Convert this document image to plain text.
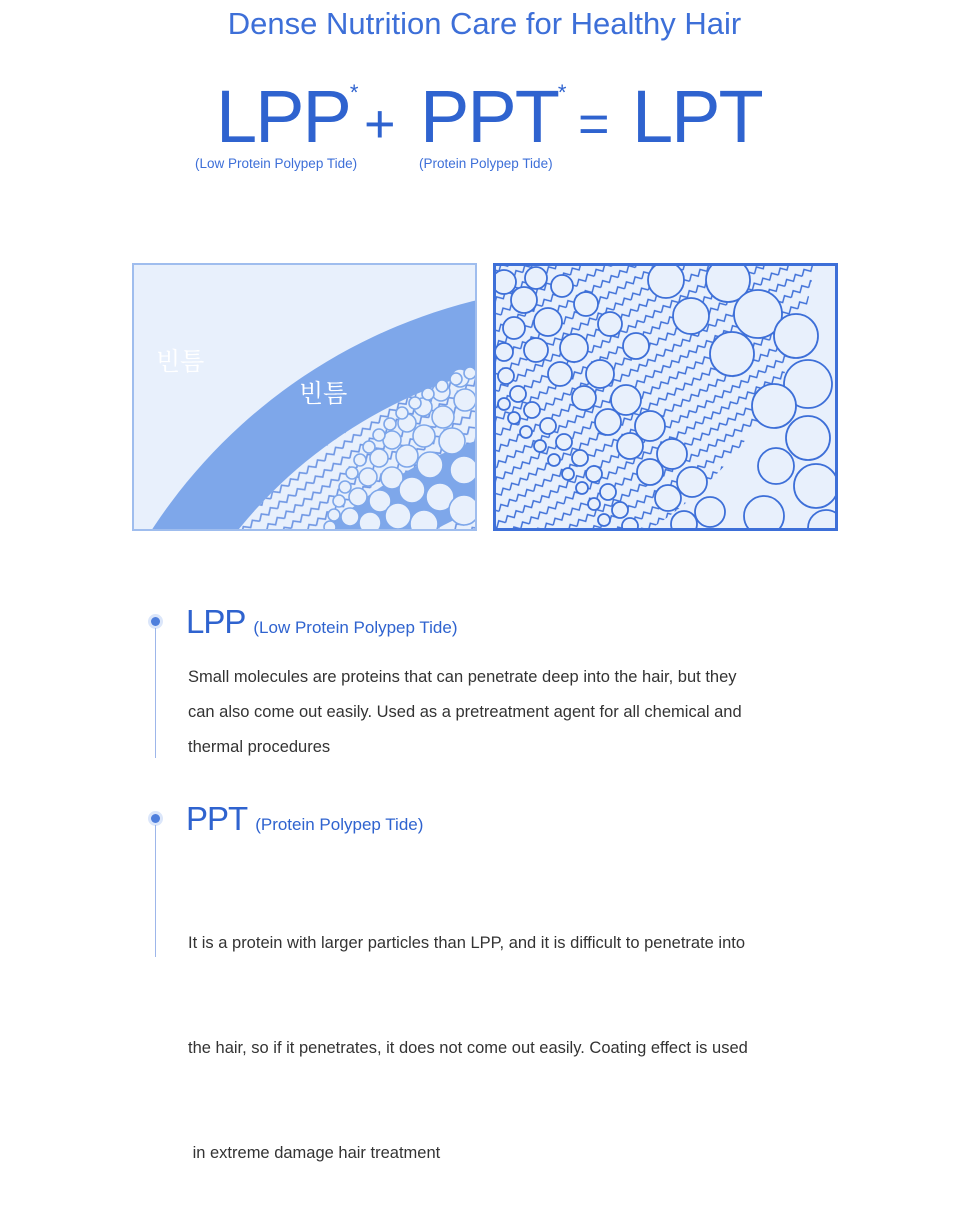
Dense Nutrition Care for Healthy Hair
LPP*
+ PPT*
= LPT
(Low Protein Polypep Tide)	(Protein Polypep Tide)
빈틈
빈틈
LPP (Low Protein Polypep Tide)
Small molecules are proteins that can penetrate deep into the hair, but they
can also come out easily. Used as a pretreatment agent for all chemical and
thermal procedures
PPT (Protein Polypep Tide)

It is a protein with larger particles than LPP, and it is difficult to penetrate into

the hair, so if it penetrates, it does not come out easily. Coating effect is used

in extreme damage hair treatment
